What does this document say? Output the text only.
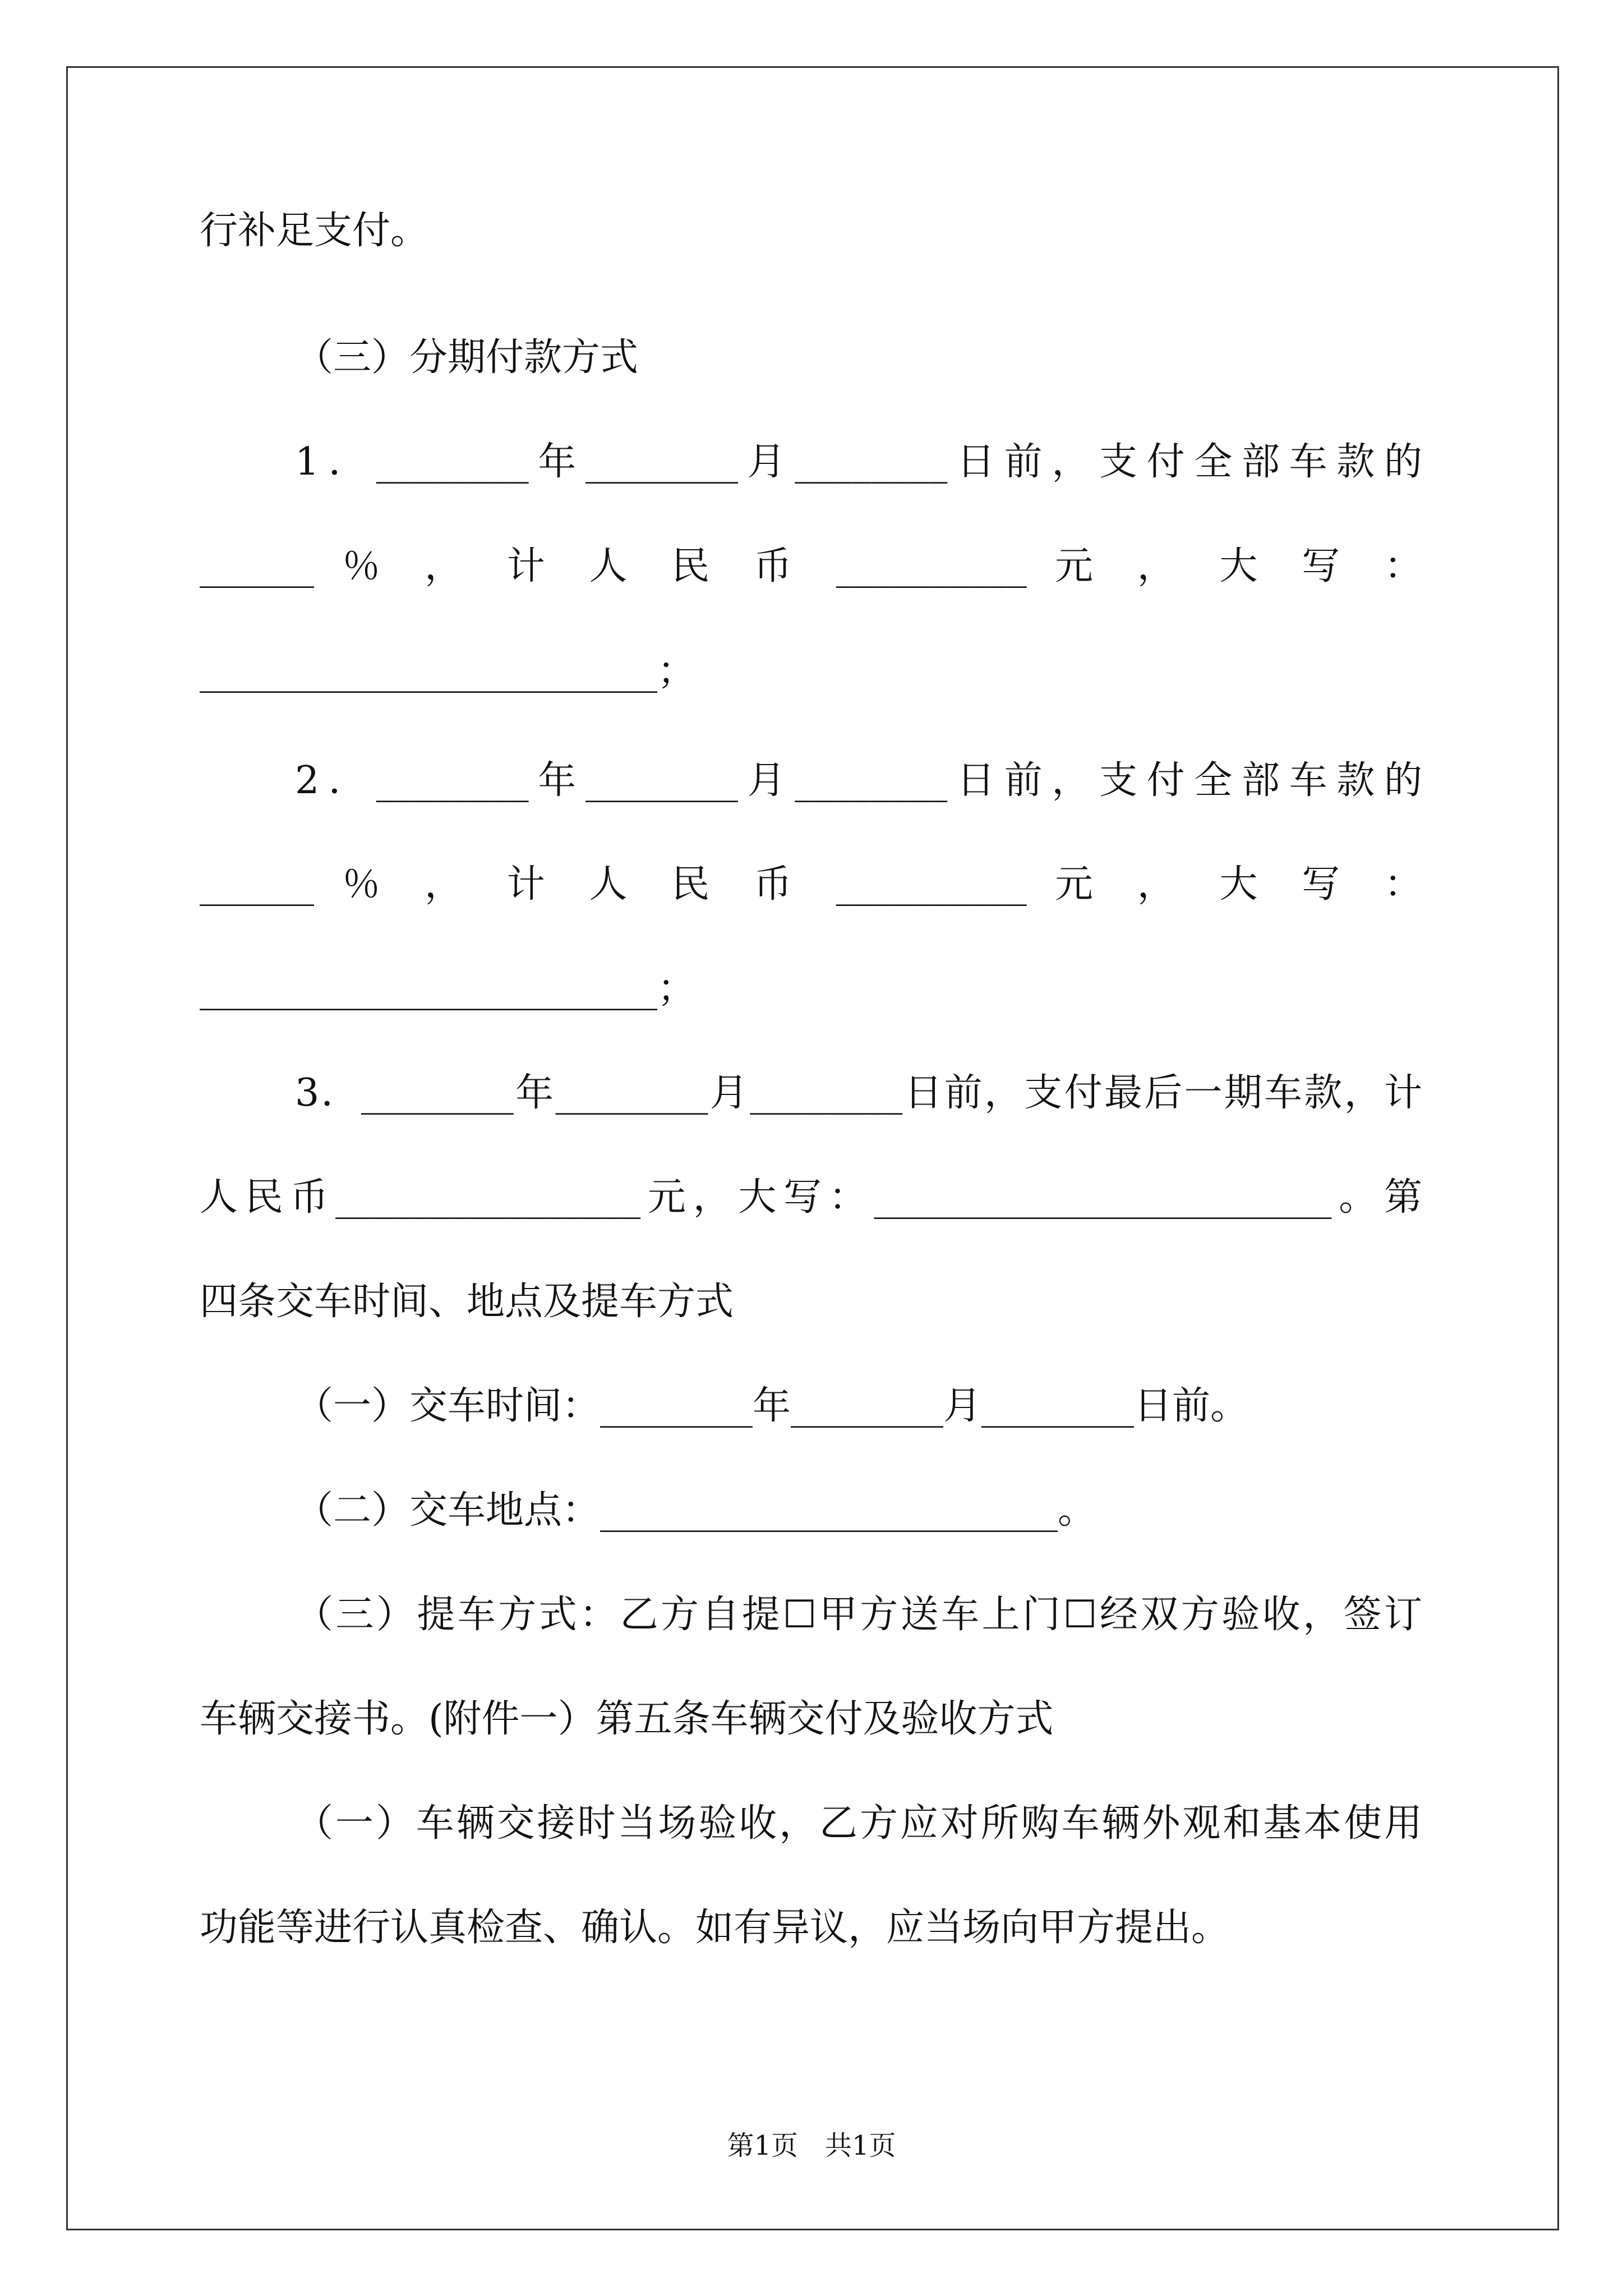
行补足支付。
（三）分期付款方式
1．________年________月________日前，支付全部车款的
______ ％ ， 计 人 民 币 __________ 元 ， 大 写 ：
________________________；
2．________年________月________日前，支付全部车款的
______ ％ ， 计 人 民 币 __________ 元 ， 大 写 ：
________________________；
3．________年________月________日前，支付最后一期车款，计
人民币________________元，大写：________________________。第
四条交车时间、地点及提车方式
（一）交车时间：________年________月________日前。
（二）交车地点：________________________。
（三）提车方式：乙方自提☐甲方送车上门☐经双方验收，签订
车辆交接书。(附件一）第五条车辆交付及验收方式
（一）车辆交接时当场验收，乙方应对所购车辆外观和基本使用
功能等进行认真检查、确认。如有异议，应当场向甲方提出。
第1页　共1页
